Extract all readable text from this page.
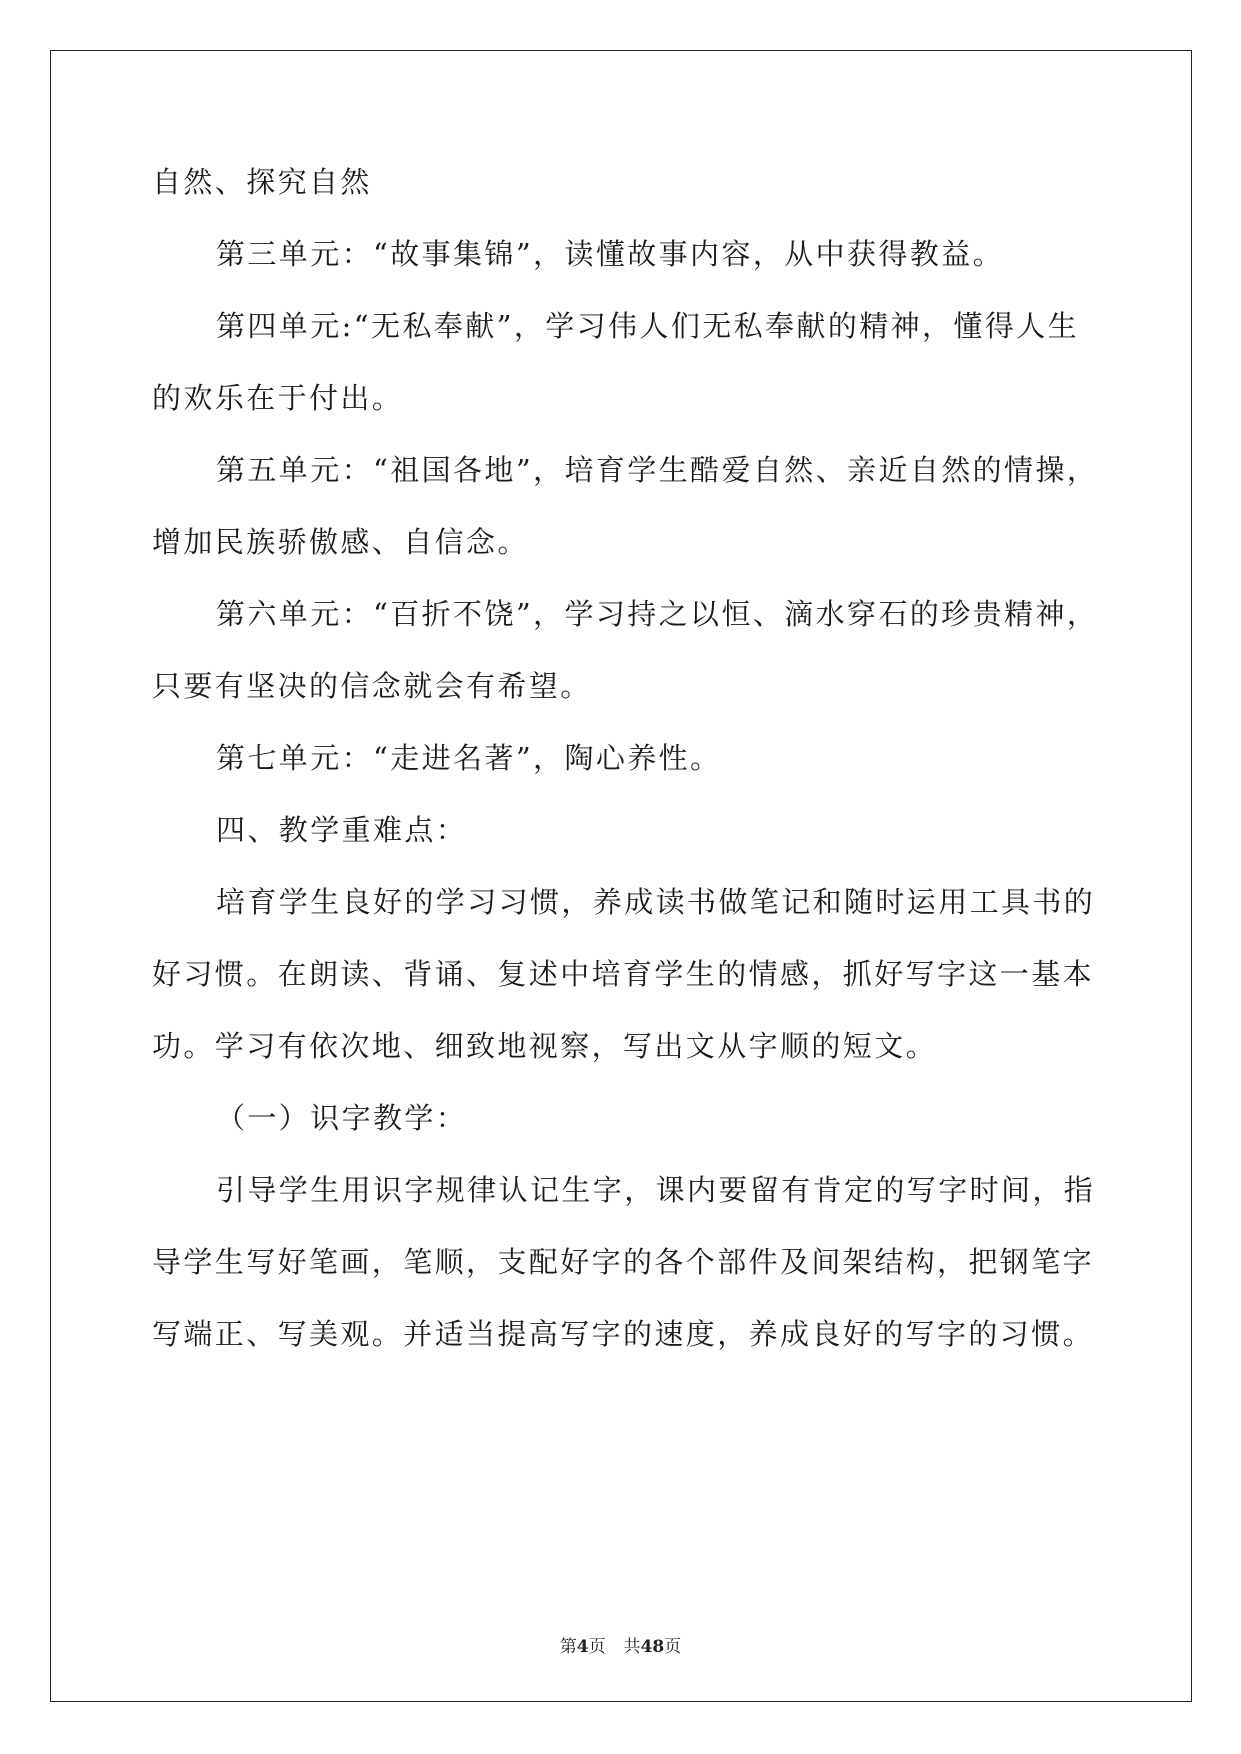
自然、探究自然
第三单元：“故事集锦”，读懂故事内容，从中获得教益。
第四单元:“无私奉献”，学习伟人们无私奉献的精神，懂得人生
的欢乐在于付出。
第五单元：“祖国各地”，培育学生酷爱自然、亲近自然的情操，
增加民族骄傲感、自信念。
第六单元：“百折不饶”，学习持之以恒、滴水穿石的珍贵精神，
只要有坚决的信念就会有希望。
第七单元：“走进名著”，陶心养性。
四、教学重难点：
培育学生良好的学习习惯，养成读书做笔记和随时运用工具书的
好习惯。在朗读、背诵、复述中培育学生的情感，抓好写字这一基本
功。学习有依次地、细致地视察，写出文从字顺的短文。
（一）识字教学：
引导学生用识字规律认记生字，课内要留有肯定的写字时间，指
导学生写好笔画，笔顺，支配好字的各个部件及间架结构，把钢笔字
写端正、写美观。并适当提高写字的速度，养成良好的写字的习惯。
第4页 共48页
